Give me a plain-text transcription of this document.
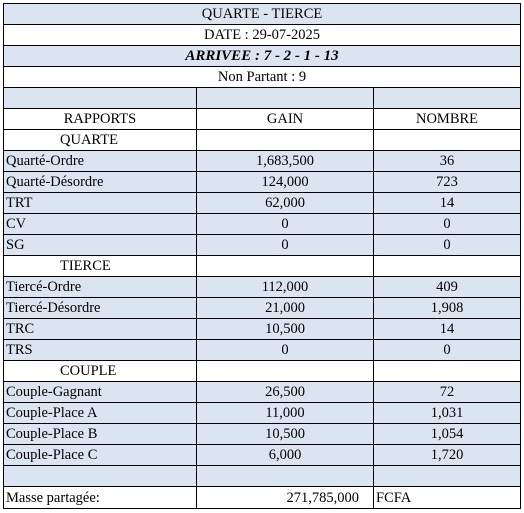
QUARTE - TIERCE		
DATE : 29-07-2025		
ARRIVEE : 7 - 2 - 1 - 13		
Non Partant : 9		

RAPPORTS	GAIN	NOMBRE
QUARTE		
Quarté-Ordre	1,683,500	36
Quarté-Désordre	124,000	723
TRT	62,000	14
CV	0	0
SG	0	0
TIERCE		
Tiercé-Ordre	112,000	409
Tiercé-Désordre	21,000	1,908
TRC	10,500	14
TRS	0	0
COUPLE		
Couple-Gagnant	26,500	72
Couple-Place A	11,000	1,031
Couple-Place B	10,500	1,054
Couple-Place C	6,000	1,720

Masse partagée:	271,785,000	FCFA
